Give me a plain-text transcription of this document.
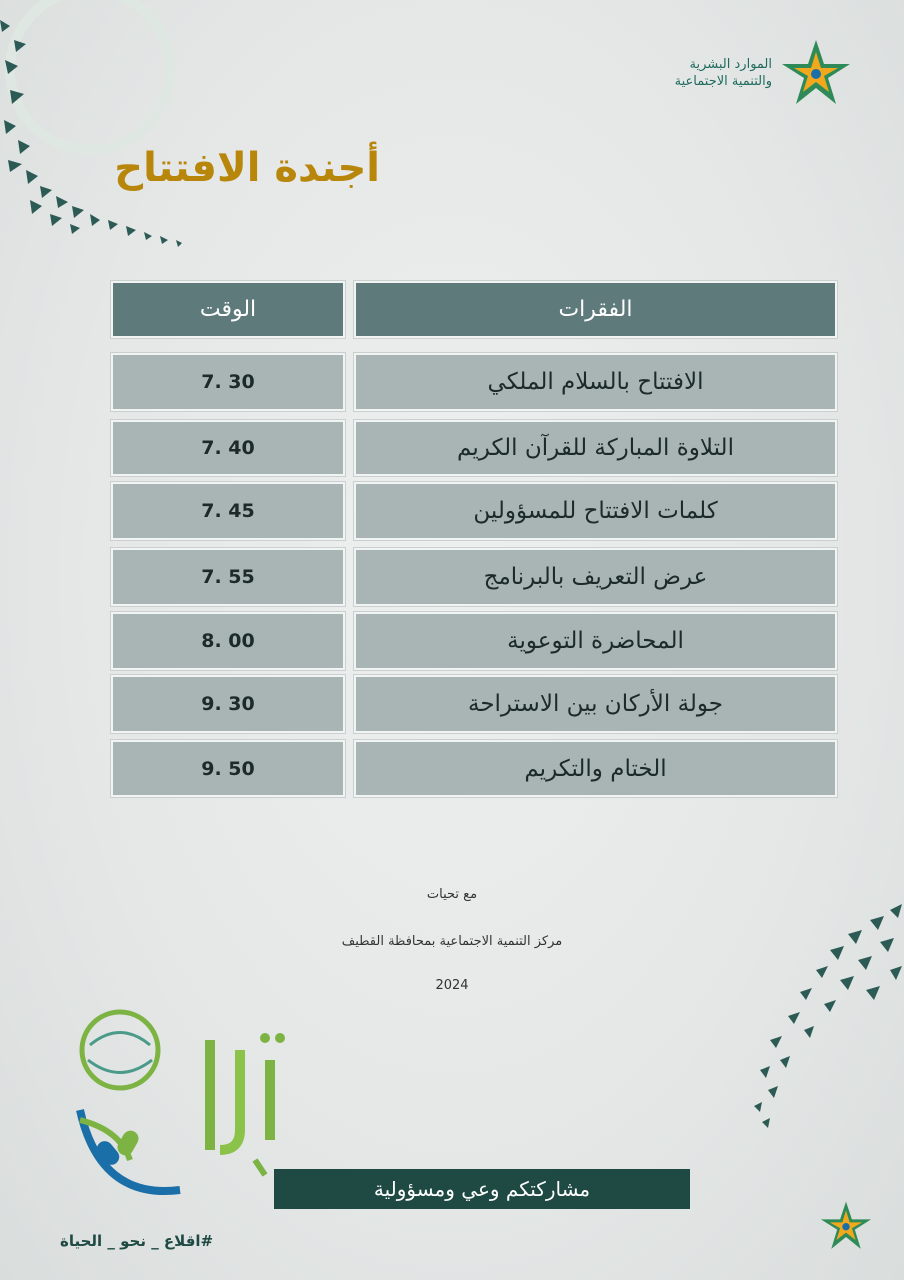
الموارد البشرية
والتنمية الاجتماعية
أجندة الافتتاح
الوقت	الفقرات
7. 30	الافتتاح بالسلام الملكي
7. 40	التلاوة المباركة للقرآن الكريم
7. 45	كلمات الافتتاح للمسؤولين
7. 55	عرض التعريف بالبرنامج
8. 00	المحاضرة التوعوية
9. 30	جولة الأركان بين الاستراحة
9. 50	الختام والتكريم
مع تحيات
مركز التنمية الاجتماعية بمحافظة القطيف
2024
مشاركتكم وعي ومسؤولية
#اقلاع _ نحو _ الحياة
